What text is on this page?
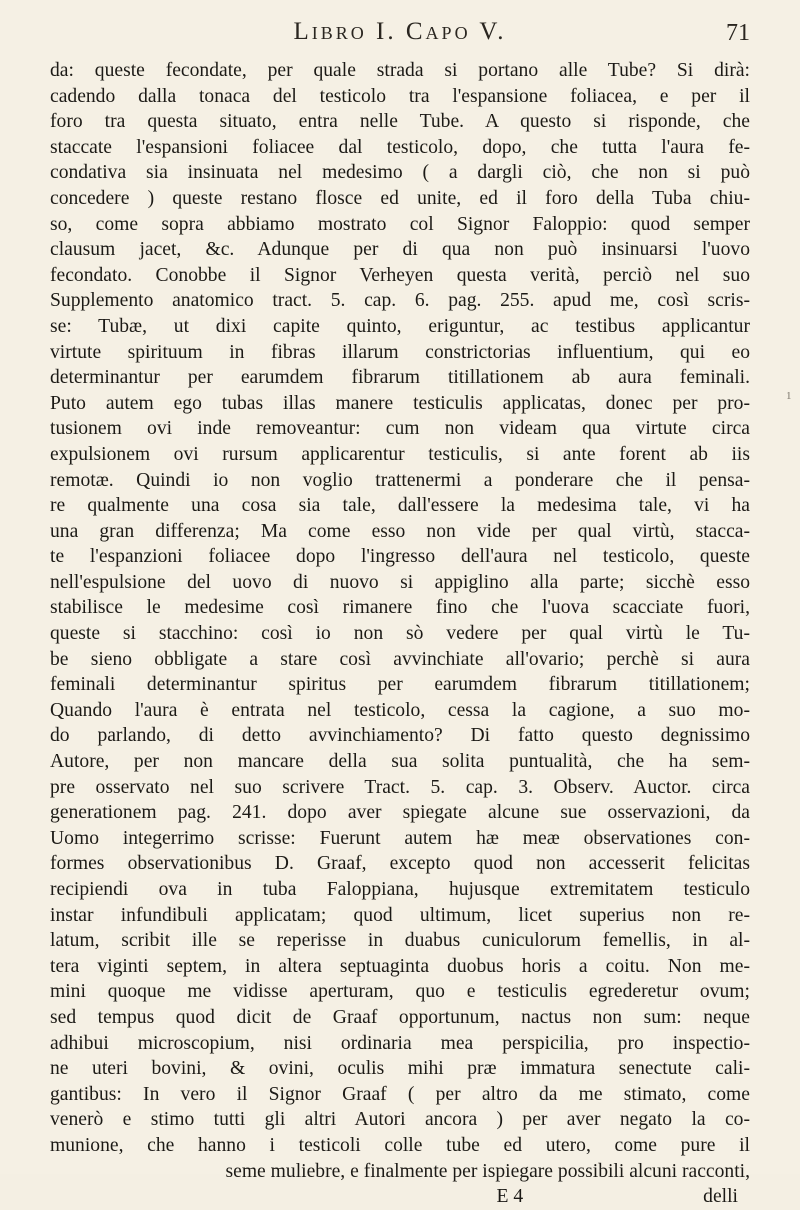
Libro I. Capo V.	71
da: queste fecondate, per quale strada si portano alle Tube? Si dirà:
cadendo dalla tonaca del testicolo tra l'espansione foliacea, e per il
foro tra questa situato, entra nelle Tube. A questo si risponde, che
staccate l'espansioni foliacee dal testicolo, dopo, che tutta l'aura fe-
condativa sia insinuata nel medesimo ( a dargli ciò, che non si può
concedere ) queste restano flosce ed unite, ed il foro della Tuba chiu-
so, come sopra abbiamo mostrato col Signor Faloppio: quod semper
clausum jacet, &c. Adunque per di qua non può insinuarsi l'uovo
fecondato. Conobbe il Signor Verheyen questa verità, perciò nel suo
Supplemento anatomico tract. 5. cap. 6. pag. 255. apud me, così scris-
se: Tubæ, ut dixi capite quinto, eriguntur, ac testibus applicantur
virtute spirituum in fibras illarum constrictorias influentium, qui eo
determinantur per earumdem fibrarum titillationem ab aura feminali.
Puto autem ego tubas illas manere testiculis applicatas, donec per pro-
tusionem ovi inde removeantur: cum non videam qua virtute circa
expulsionem ovi rursum applicarentur testiculis, si ante forent ab iis
remotæ. Quindi io non voglio trattenermi a ponderare che il pensa-
re qualmente una cosa sia tale, dall'essere la medesima tale, vi ha
una gran differenza; Ma come esso non vide per qual virtù, stacca-
te l'espanzioni foliacee dopo l'ingresso dell'aura nel testicolo, queste
nell'espulsione del uovo di nuovo si appiglino alla parte; sicchè esso
stabilisce le medesime così rimanere fino che l'uova scacciate fuori,
queste si stacchino: così io non sò vedere per qual virtù le Tu-
be sieno obbligate a stare così avvinchiate all'ovario; perchè si aura
feminali determinantur spiritus per earumdem fibrarum titillationem;
Quando l'aura è entrata nel testicolo, cessa la cagione, a suo mo-
do parlando, di detto avvinchiamento? Di fatto questo degnissimo
Autore, per non mancare della sua solita puntualità, che ha sem-
pre osservato nel suo scrivere Tract. 5. cap. 3. Observ. Auctor. circa
generationem pag. 241. dopo aver spiegate alcune sue osservazioni, da
Uomo integerrimo scrisse: Fuerunt autem hæ meæ observationes con-
formes observationibus D. Graaf, excepto quod non accesserit felicitas
recipiendi ova in tuba Faloppiana, hujusque extremitatem testiculo
instar infundibuli applicatam; quod ultimum, licet superius non re-
latum, scribit ille se reperisse in duabus cuniculorum femellis, in al-
tera viginti septem, in altera septuaginta duobus horis a coitu. Non me-
mini quoque me vidisse aperturam, quo e testiculis egrederetur ovum;
sed tempus quod dicit de Graaf opportunum, nactus non sum: neque
adhibui microscopium, nisi ordinaria mea perspicilia, pro inspectio-
ne uteri bovini, & ovini, oculis mihi præ immatura senectute cali-
gantibus: In vero il Signor Graaf ( per altro da me stimato, come
venerò e stimo tutti gli altri Autori ancora ) per aver negato la co-
munione, che hanno i testicoli colle tube ed utero, come pure il
seme muliebre, e finalmente per ispiegare possibili alcuni racconti,
E 4	delli
1
